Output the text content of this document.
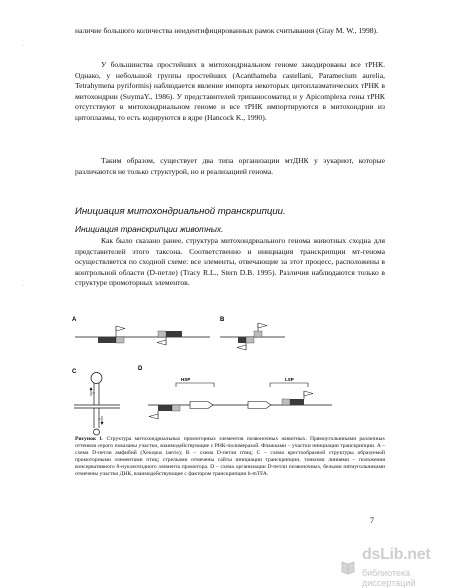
'
'

наличие большого количества неидентифицированных рамок считывания (Gray M. W., 1998).

У большинства простейших в митохондриальном геноме закодированы все тРНК. Однако, у небольшой группы простейших (Acanthameba castellani, Paramecium aurelia, Tetrahymena pyriformis) наблюдается явление импорта некоторых цитоплазматических тРНК в митохондрии (SuymaY., 1986). У представителей трипаносоматид и у Apicomplexa гены тРНК отсутствуют в митохондриальном геноме и все тРНК импортируются в митохондрии из цитоплазмы, то есть кодируются в ядре (Hancock K., 1990).

Таким образом, существует два типа организации мтДНК у эукариот, которые различаются не только структурой, но и реализацией генома.

Инициация митохондриальной транскрипции.
Инициация транскрипции животных.

Как было сказано ранее, структура митохондриального генома животных сходна для представителей этого таксона. Соответственно и инициация транскрипции мт-генома осуществляется по сходной схеме: все элементы, отвечающие за этот процесс, расположены в контрольной области (D-петле) (Tracy R.L., Stern D.B. 1995). Различия наблюдаются только в структуре промоторных элементов.

A	B
C	D
HSP	LSP

Рисунок 1. Структура митохондриальных промоторных элементов позвоночных животных. Прямоугольниками различных оттенков серого показаны участки, взаимодействующие с РНК-полимеразой. Флажками – участки инициации транскрипции. A – схема D-петли амфибий (Xenopus laevis); B – схема D-петли птиц; C – схема крестообразной структуры образуемой промоторными элементами птиц; стрелками отмечены сайты инициации транскрипции, тонкими линиями – положения консервативного 8-нуклеотидного элемента промотора. D – схема организации D-петли позвоночных, белыми пятиугольниками отмечены участки ДНК, взаимодействующие с фактором транскрипции h-mTFA.

7
dsLib.net
библиотека диссертаций
